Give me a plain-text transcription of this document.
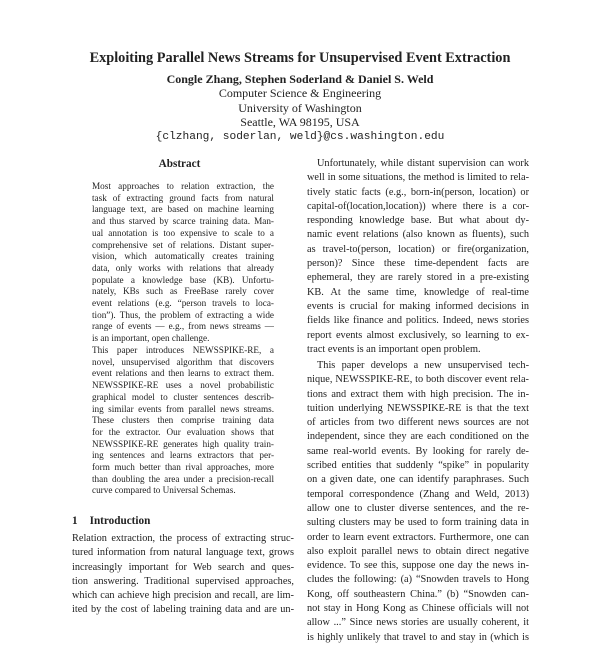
Exploiting Parallel News Streams for Unsupervised Event Extraction
Congle Zhang, Stephen Soderland & Daniel S. Weld
Computer Science & Engineering
University of Washington
Seattle, WA 98195, USA
{clzhang, soderlan, weld}@cs.washington.edu
Abstract
Most approaches to relation extraction, the
task of extracting ground facts from natural
language text, are based on machine learning
and thus starved by scarce training data. Man-
ual annotation is too expensive to scale to a
comprehensive set of relations. Distant super-
vision, which automatically creates training
data, only works with relations that already
populate a knowledge base (KB). Unfortu-
nately, KBs such as FreeBase rarely cover
event relations (e.g. “person travels to loca-
tion”). Thus, the problem of extracting a wide
range of events — e.g., from news streams —
is an important, open challenge.
This paper introduces NEWSSPIKE-RE, a
novel, unsupervised algorithm that discovers
event relations and then learns to extract them.
NEWSSPIKE-RE uses a novel probabilistic
graphical model to cluster sentences describ-
ing similar events from parallel news streams.
These clusters then comprise training data
for the extractor. Our evaluation shows that
NEWSSPIKE-RE generates high quality train-
ing sentences and learns extractors that per-
form much better than rival approaches, more
than doubling the area under a precision-recall
curve compared to Universal Schemas.
1 Introduction
Relation extraction, the process of extracting struc-
tured information from natural language text, grows
increasingly important for Web search and ques-
tion answering. Traditional supervised approaches,
which can achieve high precision and recall, are lim-
ited by the cost of labeling training data and are un-
Unfortunately, while distant supervision can work
well in some situations, the method is limited to rela-
tively static facts (e.g., born-in(person, location) or
capital-of(location,location)) where there is a cor-
responding knowledge base. But what about dy-
namic event relations (also known as fluents), such
as travel-to(person, location) or fire(organization,
person)? Since these time-dependent facts are
ephemeral, they are rarely stored in a pre-existing
KB. At the same time, knowledge of real-time
events is crucial for making informed decisions in
fields like finance and politics. Indeed, news stories
report events almost exclusively, so learning to ex-
tract events is an important open problem.
This paper develops a new unsupervised tech-
nique, NEWSSPIKE-RE, to both discover event rela-
tions and extract them with high precision. The in-
tuition underlying NEWSSPIKE-RE is that the text
of articles from two different news sources are not
independent, since they are each conditioned on the
same real-world events. By looking for rarely de-
scribed entities that suddenly “spike” in popularity
on a given date, one can identify paraphrases. Such
temporal correspondence (Zhang and Weld, 2013)
allow one to cluster diverse sentences, and the re-
sulting clusters may be used to form training data in
order to learn event extractors. Furthermore, one can
also exploit parallel news to obtain direct negative
evidence. To see this, suppose one day the news in-
cludes the following: (a) “Snowden travels to Hong
Kong, off southeastern China.” (b) “Snowden can-
not stay in Hong Kong as Chinese officials will not
allow ...” Since news stories are usually coherent, it
is highly unlikely that travel to and stay in (which is
